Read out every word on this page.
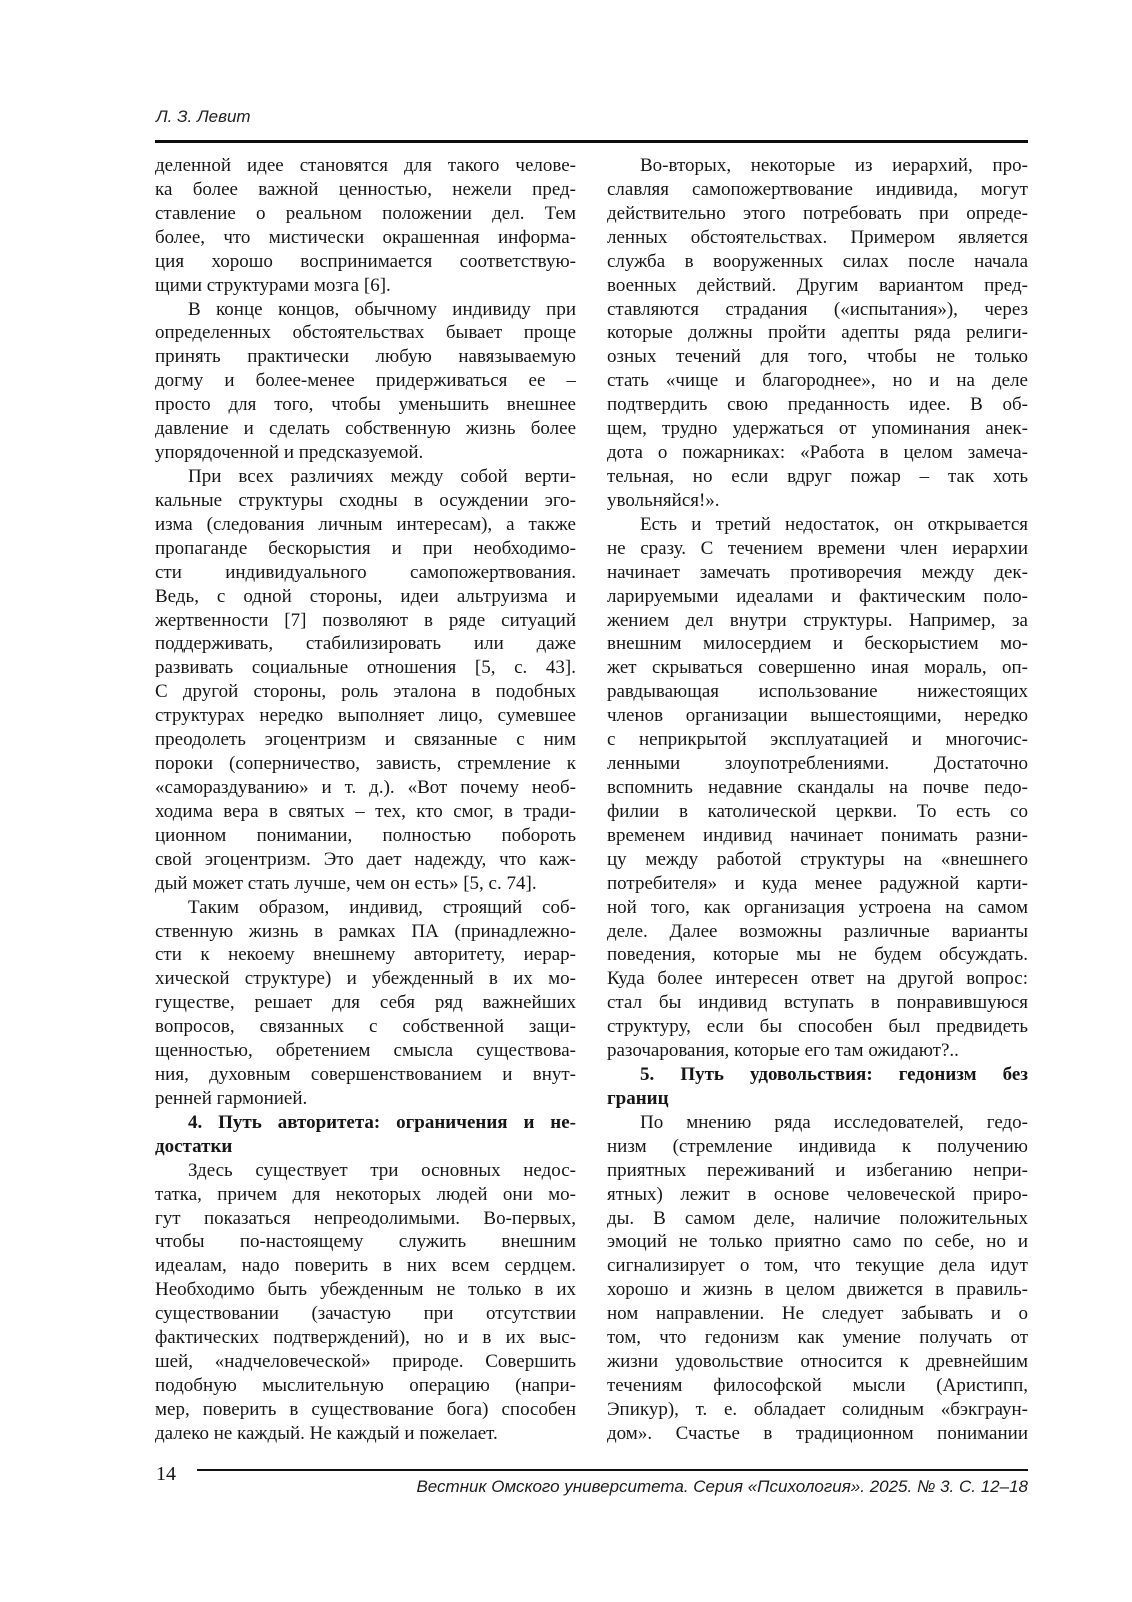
Л. З. Левит
деленной идее становятся для такого челове-
ка более важной ценностью, нежели пред-
ставление о реальном положении дел. Тем
более, что мистически окрашенная информа-
ция хорошо воспринимается соответствую-
щими структурами мозга [6].
В конце концов, обычному индивиду при
определенных обстоятельствах бывает проще
принять практически любую навязываемую
догму и более-менее придерживаться ее –
просто для того, чтобы уменьшить внешнее
давление и сделать собственную жизнь более
упорядоченной и предсказуемой.
При всех различиях между собой верти-
кальные структуры сходны в осуждении эго-
изма (следования личным интересам), а также
пропаганде бескорыстия и при необходимо-
сти индивидуального самопожертвования.
Ведь, с одной стороны, идеи альтруизма и
жертвенности [7] позволяют в ряде ситуаций
поддерживать, стабилизировать или даже
развивать социальные отношения [5, с. 43].
С другой стороны, роль эталона в подобных
структурах нередко выполняет лицо, сумевшее
преодолеть эгоцентризм и связанные с ним
пороки (соперничество, зависть, стремление к
«самораздуванию» и т. д.). «Вот почему необ-
ходима вера в святых – тех, кто смог, в тради-
ционном понимании, полностью побороть
свой эгоцентризм. Это дает надежду, что каж-
дый может стать лучше, чем он есть» [5, с. 74].
Таким образом, индивид, строящий соб-
ственную жизнь в рамках ПА (принадлежно-
сти к некоему внешнему авторитету, иерар-
хической структуре) и убежденный в их мо-
гуществе, решает для себя ряд важнейших
вопросов, связанных с собственной защи-
щенностью, обретением смысла существова-
ния, духовным совершенствованием и внут-
ренней гармонией.
4. Путь авторитета: ограничения и не-
достатки
Здесь существует три основных недос-
татка, причем для некоторых людей они мо-
гут показаться непреодолимыми. Во-первых,
чтобы по-настоящему служить внешним
идеалам, надо поверить в них всем сердцем.
Необходимо быть убежденным не только в их
существовании (зачастую при отсутствии
фактических подтверждений), но и в их выс-
шей, «надчеловеческой» природе. Совершить
подобную мыслительную операцию (напри-
мер, поверить в существование бога) способен
далеко не каждый. Не каждый и пожелает.
Во-вторых, некоторые из иерархий, про-
славляя самопожертвование индивида, могут
действительно этого потребовать при опреде-
ленных обстоятельствах. Примером является
служба в вооруженных силах после начала
военных действий. Другим вариантом пред-
ставляются страдания («испытания»), через
которые должны пройти адепты ряда религи-
озных течений для того, чтобы не только
стать «чище и благороднее», но и на деле
подтвердить свою преданность идее. В об-
щем, трудно удержаться от упоминания анек-
дота о пожарниках: «Работа в целом замеча-
тельная, но если вдруг пожар – так хоть
увольняйся!».
Есть и третий недостаток, он открывается
не сразу. С течением времени член иерархии
начинает замечать противоречия между дек-
ларируемыми идеалами и фактическим поло-
жением дел внутри структуры. Например, за
внешним милосердием и бескорыстием мо-
жет скрываться совершенно иная мораль, оп-
равдывающая использование нижестоящих
членов организации вышестоящими, нередко
с неприкрытой эксплуатацией и многочис-
ленными злоупотреблениями. Достаточно
вспомнить недавние скандалы на почве педо-
филии в католической церкви. То есть со
временем индивид начинает понимать разни-
цу между работой структуры на «внешнего
потребителя» и куда менее радужной карти-
ной того, как организация устроена на самом
деле. Далее возможны различные варианты
поведения, которые мы не будем обсуждать.
Куда более интересен ответ на другой вопрос:
стал бы индивид вступать в понравившуюся
структуру, если бы способен был предвидеть
разочарования, которые его там ожидают?..
5. Путь удовольствия: гедонизм без
границ
По мнению ряда исследователей, гедо-
низм (стремление индивида к получению
приятных переживаний и избеганию непри-
ятных) лежит в основе человеческой приро-
ды. В самом деле, наличие положительных
эмоций не только приятно само по себе, но и
сигнализирует о том, что текущие дела идут
хорошо и жизнь в целом движется в правиль-
ном направлении. Не следует забывать и о
том, что гедонизм как умение получать от
жизни удовольствие относится к древнейшим
течениям философской мысли (Аристипп,
Эпикур), т. е. обладает солидным «бэкграун-
дом». Счастье в традиционном понимании
14
Вестник Омского университета. Серия «Психология». 2025. № 3. С. 12–18
